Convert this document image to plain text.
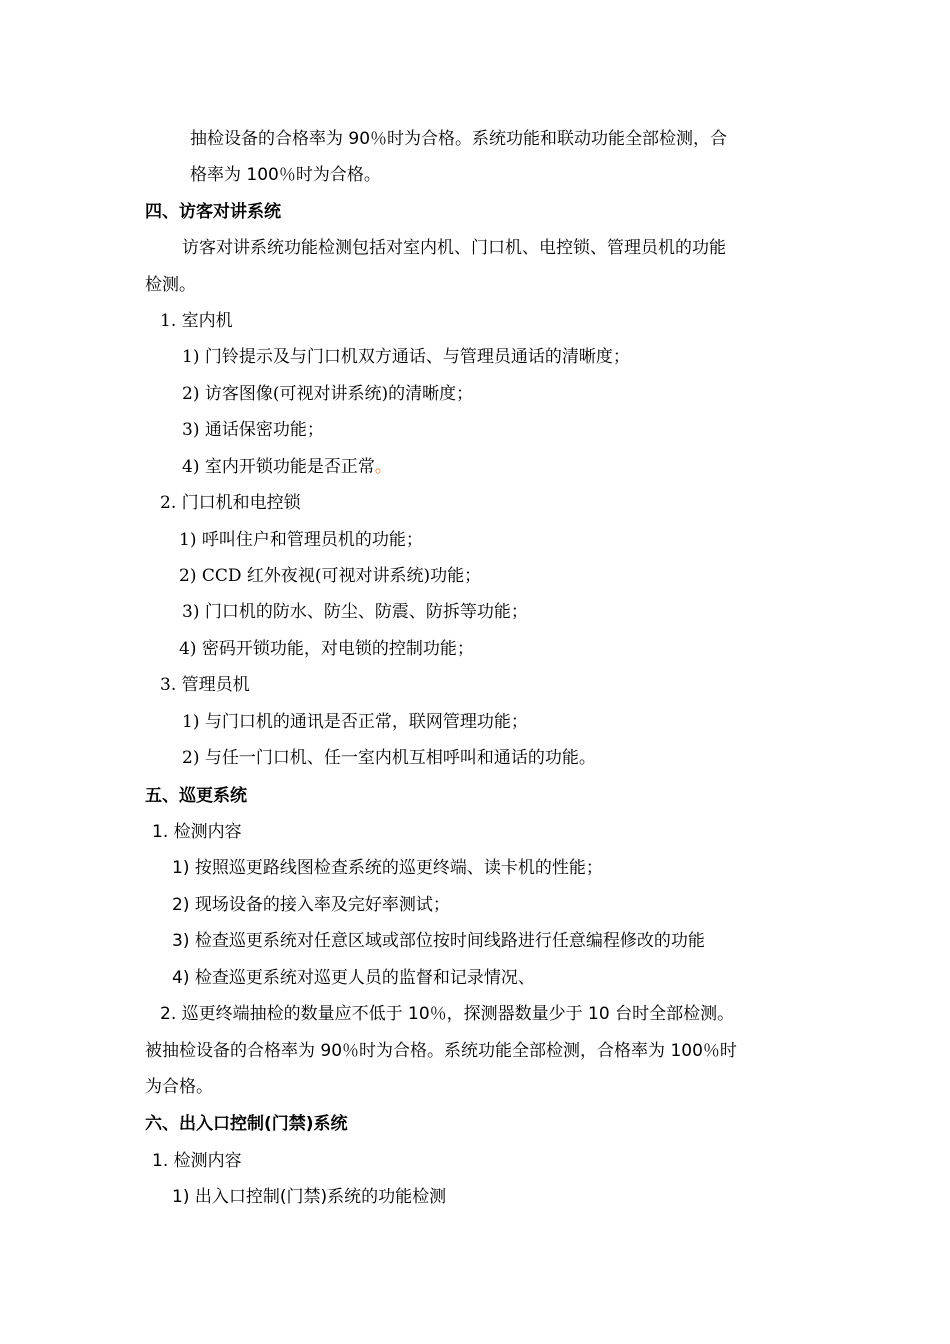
抽检设备的合格率为 90％时为合格。系统功能和联动功能全部检测，合
格率为 100％时为合格。
四、访客对讲系统
访客对讲系统功能检测包括对室内机、门口机、电控锁、管理员机的功能
检测。
1. 室内机
1) 门铃提示及与门口机双方通话、与管理员通话的清晰度；
2) 访客图像(可视对讲系统)的清晰度；
3) 通话保密功能；
4) 室内开锁功能是否正常。
2. 门口机和电控锁
1) 呼叫住户和管理员机的功能；
2) CCD 红外夜视(可视对讲系统)功能；
3) 门口机的防水、防尘、防震、防拆等功能；
4) 密码开锁功能，对电锁的控制功能；
3. 管理员机
1) 与门口机的通讯是否正常，联网管理功能；
2) 与任一门口机、任一室内机互相呼叫和通话的功能。
五、巡更系统
1. 检测内容
1) 按照巡更路线图检查系统的巡更终端、读卡机的性能；
2) 现场设备的接入率及完好率测试；
3) 检查巡更系统对任意区域或部位按时间线路进行任意编程修改的功能
4) 检查巡更系统对巡更人员的监督和记录情况、
2. 巡更终端抽检的数量应不低于 10％，探测器数量少于 10 台时全部检测。
被抽检设备的合格率为 90％时为合格。系统功能全部检测，合格率为 100％时
为合格。
六、出入口控制(门禁)系统
1. 检测内容
1) 出入口控制(门禁)系统的功能检测
